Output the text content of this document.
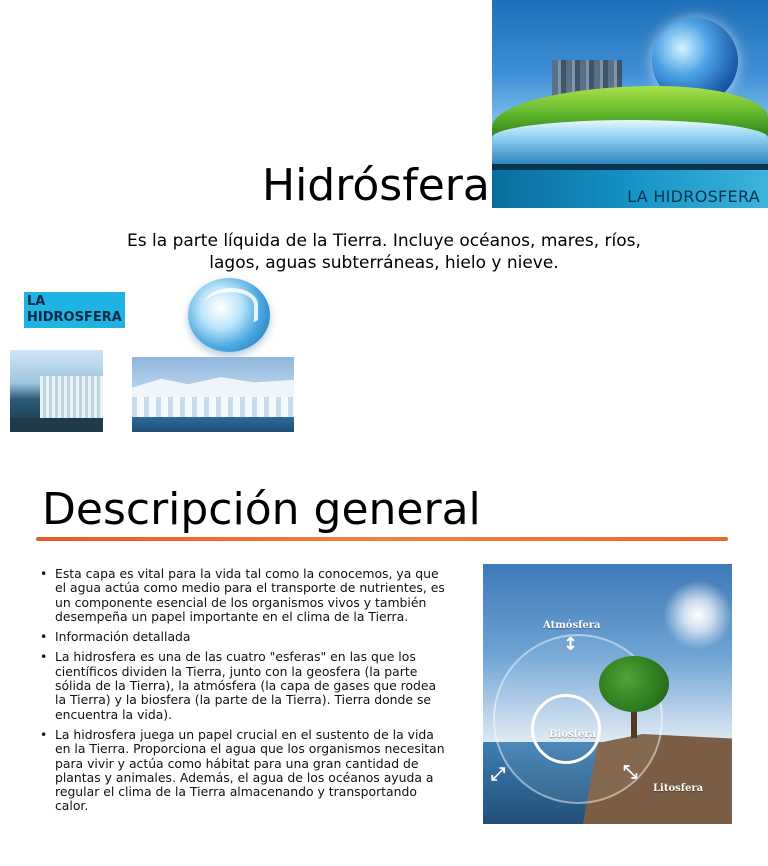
LA HIDROSFERA
Hidrósfera
Es la parte líquida de la Tierra. Incluye océanos, mares, ríos, lagos, aguas subterráneas, hielo y nieve.
LA
HIDROSFERA
Descripción general
• Esta capa es vital para la vida tal como la conocemos, ya que el agua actúa como medio para el transporte de nutrientes, es un componente esencial de los organismos vivos y también desempeña un papel importante en el clima de la Tierra.
• Información detallada
• La hidrosfera es una de las cuatro "esferas" en las que los científicos dividen la Tierra, junto con la geosfera (la parte sólida de la Tierra), la atmósfera (la capa de gases que rodea la Tierra) y la biosfera (la parte de la Tierra). Tierra donde se encuentra la vida).
• La hidrosfera juega un papel crucial en el sustento de la vida en la Tierra. Proporciona el agua que los organismos necesitan para vivir y actúa como hábitat para una gran cantidad de plantas y animales. Además, el agua de los océanos ayuda a regular el clima de la Tierra almacenando y transportando calor.
Atmósfera
↕
Biosfera
Litosfera
⤡
⤢
